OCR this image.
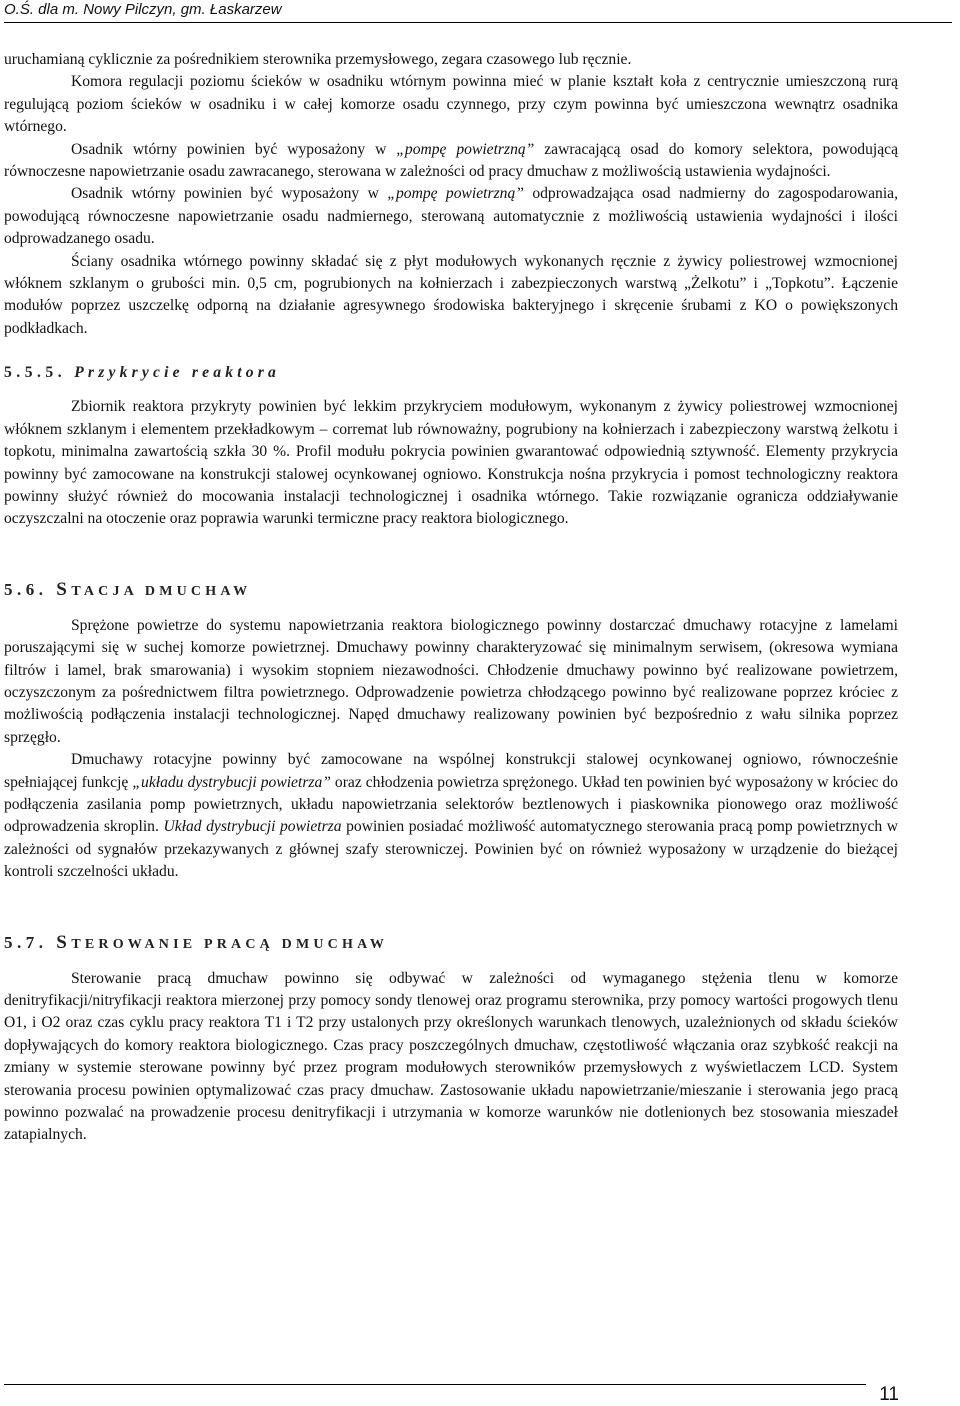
O.Ś. dla m. Nowy Pilczyn, gm. Łaskarzew

uruchamianą cyklicznie za pośrednikiem sterownika przemysłowego, zegara czasowego lub ręcznie.

Komora regulacji poziomu ścieków w osadniku wtórnym powinna mieć w planie kształt koła z centrycznie umieszczoną rurą regulującą poziom ścieków w osadniku i w całej komorze osadu czynnego, przy czym powinna być umieszczona wewnątrz osadnika wtórnego.

Osadnik wtórny powinien być wyposażony w „pompę powietrzną” zawracającą osad do komory selektora, powodującą równoczesne napowietrzanie osadu zawracanego, sterowana w zależności od pracy dmuchaw z możliwością ustawienia wydajności.

Osadnik wtórny powinien być wyposażony w „pompę powietrzną” odprowadzająca osad nadmierny do zagospodarowania, powodującą równoczesne napowietrzanie osadu nadmiernego, sterowaną automatycznie z możliwością ustawienia wydajności i ilości odprowadzanego osadu.

Ściany osadnika wtórnego powinny składać się z płyt modułowych wykonanych ręcznie z żywicy poliestrowej wzmocnionej włóknem szklanym o grubości min. 0,5 cm, pogrubionych na kołnierzach i zabezpieczonych warstwą „Żelkotu” i „Topkotu”. Łączenie modułów poprzez uszczelkę odporną na działanie agresywnego środowiska bakteryjnego i skręcenie śrubami z KO o powiększonych podkładkach.

5.5.5. Przykrycie reaktora

Zbiornik reaktora przykryty powinien być lekkim przykryciem modułowym, wykonanym z żywicy poliestrowej wzmocnionej włóknem szklanym i elementem przekładkowym – corremat lub równoważny, pogrubiony na kołnierzach i zabezpieczony warstwą żelkotu i topkotu, minimalna zawartością szkła 30 %. Profil modułu pokrycia powinien gwarantować odpowiednią sztywność. Elementy przykrycia powinny być zamocowane na konstrukcji stalowej ocynkowanej ogniowo. Konstrukcja nośna przykrycia i pomost technologiczny reaktora powinny służyć również do mocowania instalacji technologicznej i osadnika wtórnego. Takie rozwiązanie ogranicza oddziaływanie oczyszczalni na otoczenie oraz poprawia warunki termiczne pracy reaktora biologicznego.

5.6. STACJA DMUCHAW

Sprężone powietrze do systemu napowietrzania reaktora biologicznego powinny dostarczać dmuchawy rotacyjne z lamelami poruszającymi się w suchej komorze powietrznej. Dmuchawy powinny charakteryzować się minimalnym serwisem, (okresowa wymiana filtrów i lamel, brak smarowania) i wysokim stopniem niezawodności. Chłodzenie dmuchawy powinno być realizowane powietrzem, oczyszczonym za pośrednictwem filtra powietrznego. Odprowadzenie powietrza chłodzącego powinno być realizowane poprzez króciec z możliwością podłączenia instalacji technologicznej. Napęd dmuchawy realizowany powinien być bezpośrednio z wału silnika poprzez sprzęgło.

Dmuchawy rotacyjne powinny być zamocowane na wspólnej konstrukcji stalowej ocynkowanej ogniowo, równocześnie spełniającej funkcję „układu dystrybucji powietrza” oraz chłodzenia powietrza sprężonego. Układ ten powinien być wyposażony w króciec do podłączenia zasilania pomp powietrznych, układu napowietrzania selektorów beztlenowych i piaskownika pionowego oraz możliwość odprowadzenia skroplin. Układ dystrybucji powietrza powinien posiadać możliwość automatycznego sterowania pracą pomp powietrznych w zależności od sygnałów przekazywanych z głównej szafy sterowniczej. Powinien być on również wyposażony w urządzenie do bieżącej kontroli szczelności układu.

5.7. STEROWANIE PRACĄ DMUCHAW

Sterowanie pracą dmuchaw powinno się odbywać w zależności od wymaganego stężenia tlenu w komorze denitryfikacji/nitryfikacji reaktora mierzonej przy pomocy sondy tlenowej oraz programu sterownika, przy pomocy wartości progowych tlenu O1, i O2 oraz czas cyklu pracy reaktora T1 i T2 przy ustalonych przy określonych warunkach tlenowych, uzależnionych od składu ścieków dopływających do komory reaktora biologicznego. Czas pracy poszczególnych dmuchaw, częstotliwość włączania oraz szybkość reakcji na zmiany w systemie sterowane powinny być przez program modułowych sterowników przemysłowych z wyświetlaczem LCD. System sterowania procesu powinien optymalizować czas pracy dmuchaw. Zastosowanie układu napowietrzanie/mieszanie i sterowania jego pracą powinno pozwalać na prowadzenie procesu denitryfikacji i utrzymania w komorze warunków nie dotlenionych bez stosowania mieszadeł zatapialnych.

11
